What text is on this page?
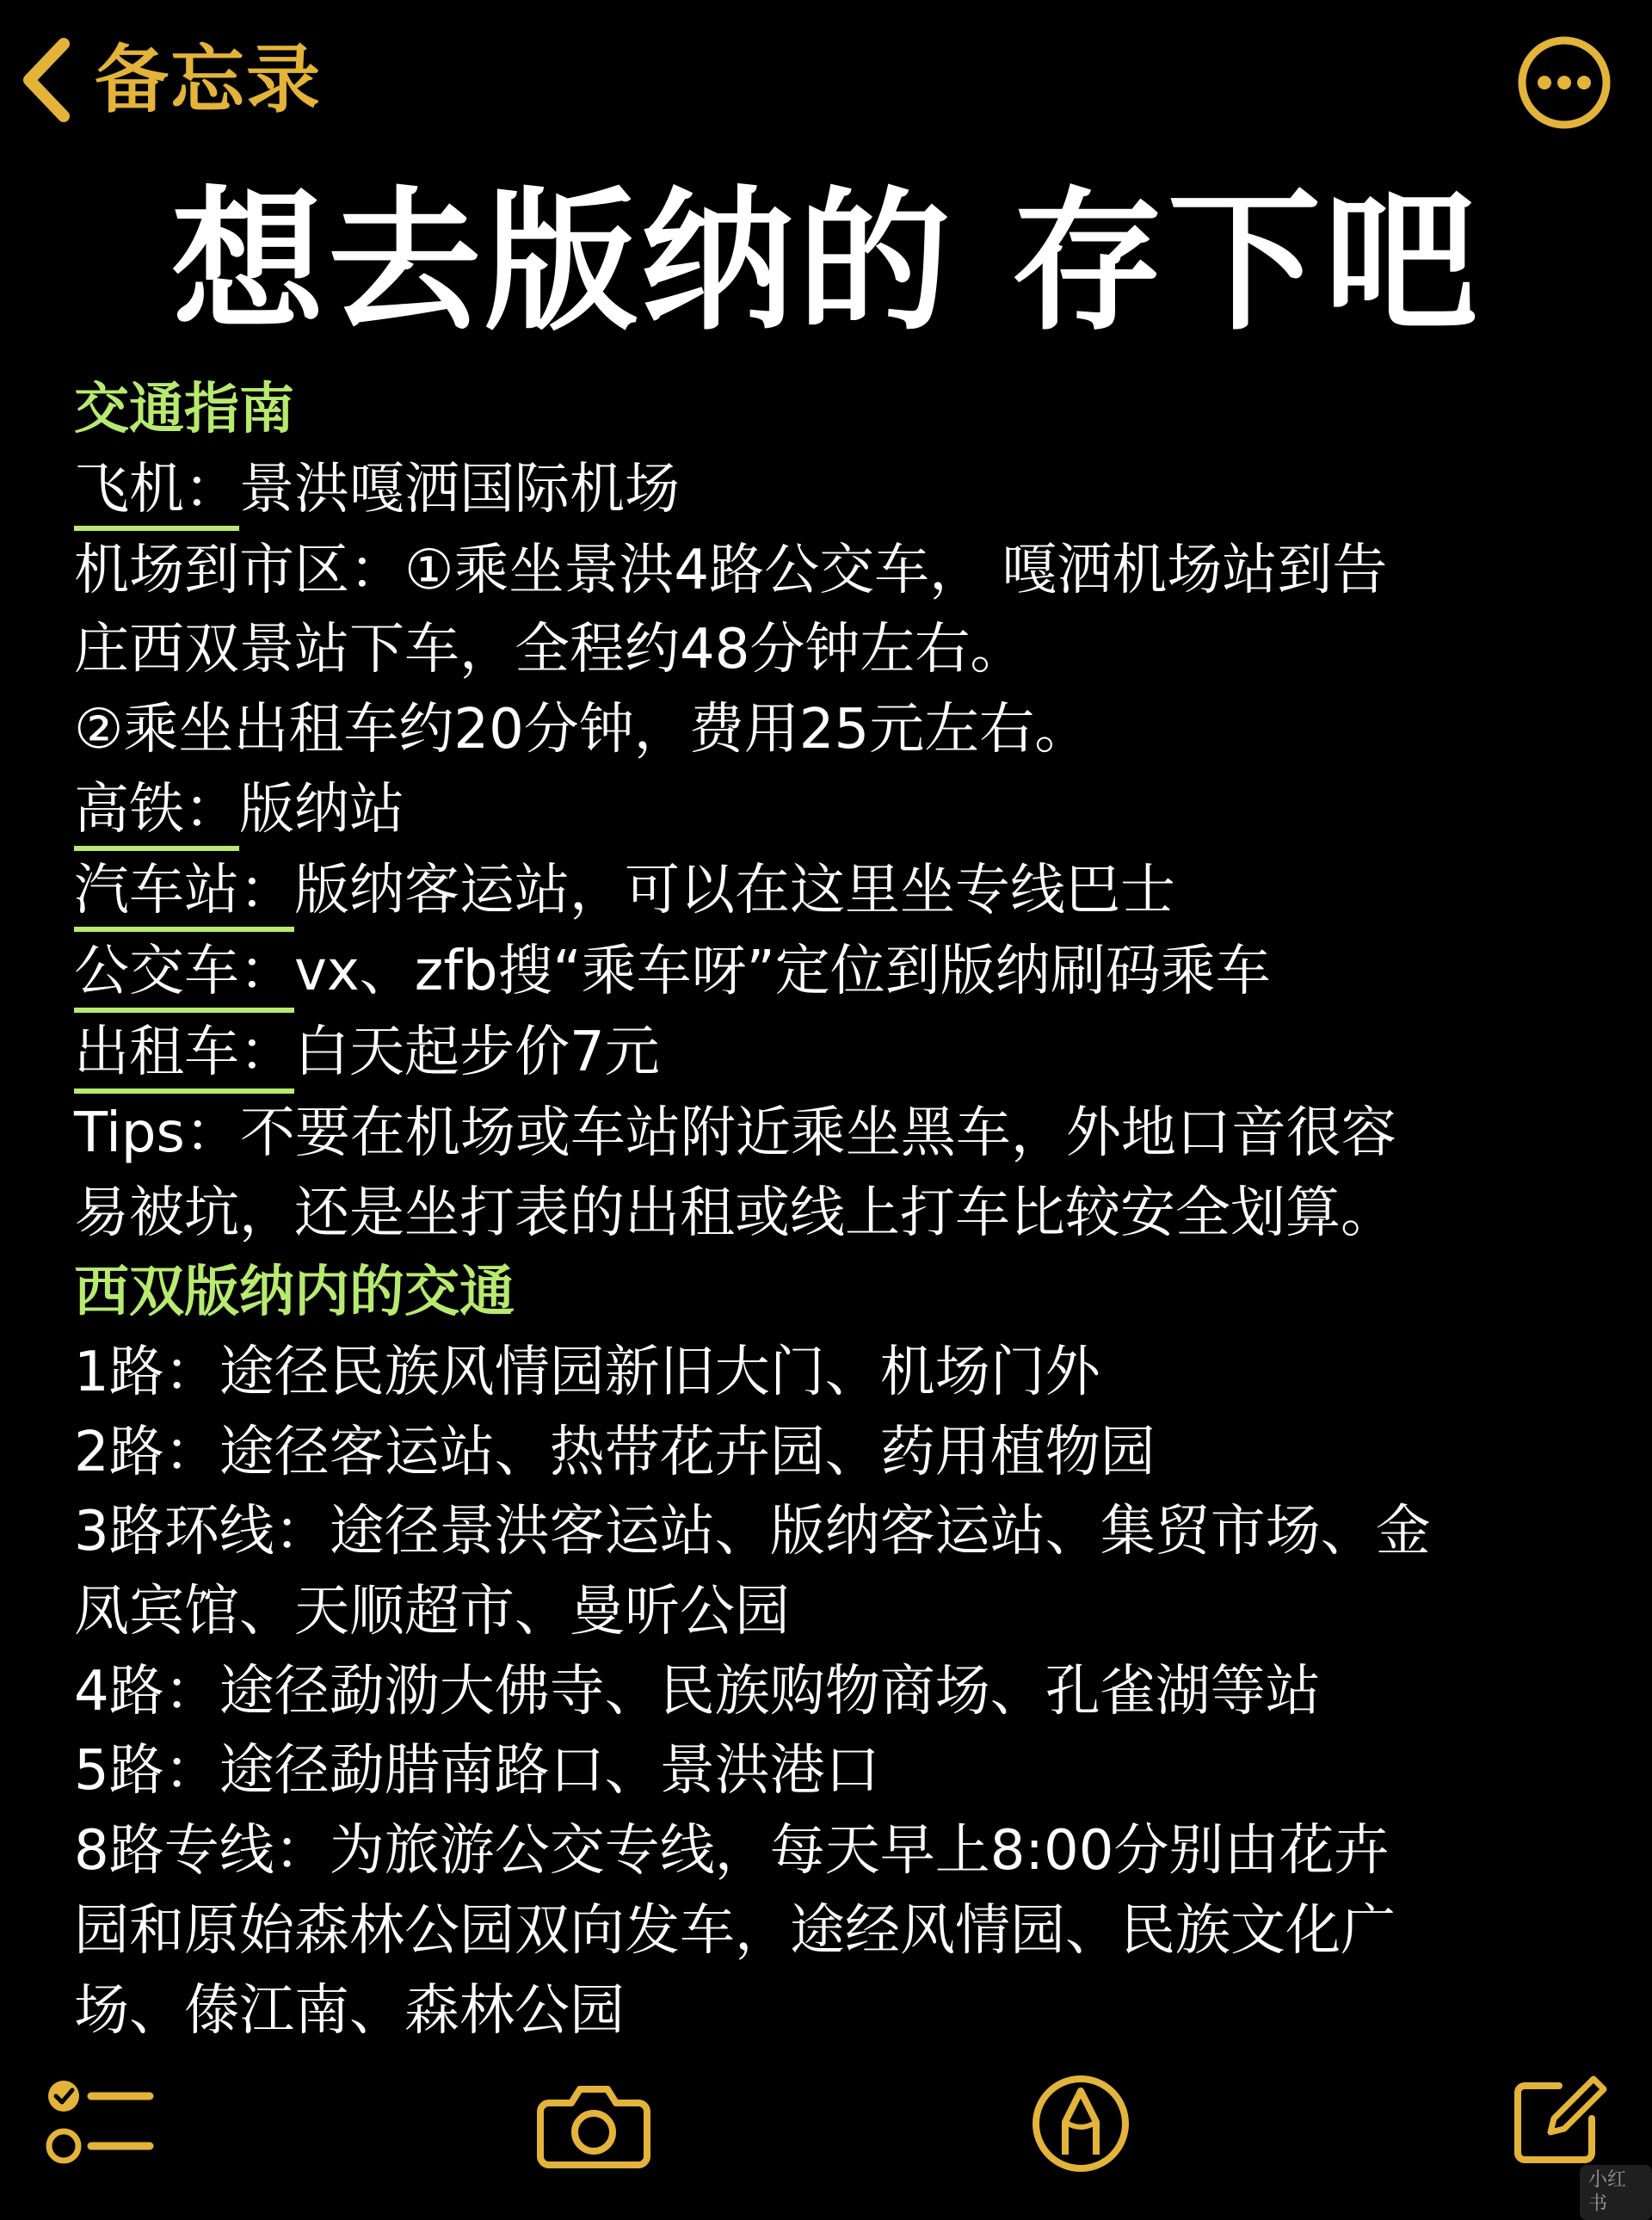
备忘录
想去版纳的 存下吧
交通指南
飞机：景洪嘎洒国际机场
机场到市区：①乘坐景洪4路公交车， 嘎洒机场站到告
庄西双景站下车，全程约48分钟左右。
②乘坐出租车约20分钟，费用25元左右。
高铁：版纳站
汽车站：版纳客运站，可以在这里坐专线巴士
公交车：vx、zfb搜“乘车呀”定位到版纳刷码乘车
出租车：白天起步价7元
Tips：不要在机场或车站附近乘坐黑车，外地口音很容
易被坑，还是坐打表的出租或线上打车比较安全划算。
西双版纳内的交通
1路：途径民族风情园新旧大门、机场门外
2路：途径客运站、热带花卉园、药用植物园
3路环线：途径景洪客运站、版纳客运站、集贸市场、金
凤宾馆、天顺超市、曼听公园
4路：途径勐泐大佛寺、民族购物商场、孔雀湖等站
5路：途径勐腊南路口、景洪港口
8路专线：为旅游公交专线，每天早上8:00分别由花卉
园和原始森林公园双向发车，途经风情园、民族文化广
场、傣江南、森林公园
小红书
